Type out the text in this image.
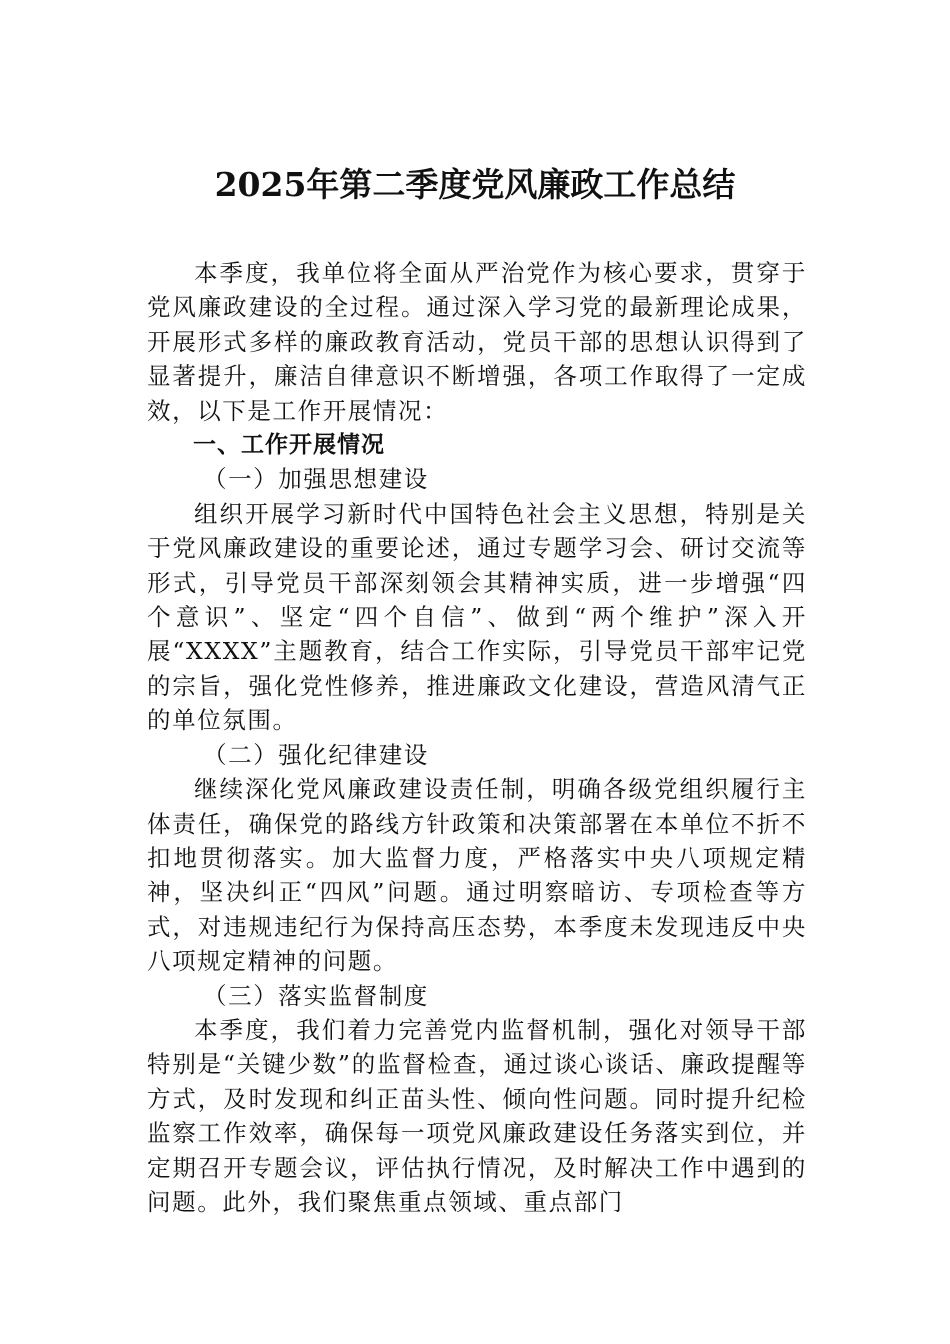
2025年第二季度党风廉政工作总结

本季度，我单位将全面从严治党作为核心要求，贯穿于党风廉政建设的全过程。通过深入学习党的最新理论成果，开展形式多样的廉政教育活动，党员干部的思想认识得到了显著提升，廉洁自律意识不断增强，各项工作取得了一定成效，以下是工作开展情况：

一、工作开展情况

（一）加强思想建设

组织开展学习新时代中国特色社会主义思想，特别是关于党风廉政建设的重要论述，通过专题学习会、研讨交流等形式，引导党员干部深刻领会其精神实质，进一步增强“四个意识”、坚定“四个自信”、做到“两个维护”深入开展“XXXX”主题教育，结合工作实际，引导党员干部牢记党的宗旨，强化党性修养，推进廉政文化建设，营造风清气正的单位氛围。

（二）强化纪律建设

继续深化党风廉政建设责任制，明确各级党组织履行主体责任，确保党的路线方针政策和决策部署在本单位不折不扣地贯彻落实。加大监督力度，严格落实中央八项规定精神，坚决纠正“四风”问题。通过明察暗访、专项检查等方式，对违规违纪行为保持高压态势，本季度未发现违反中央八项规定精神的问题。

（三）落实监督制度

本季度，我们着力完善党内监督机制，强化对领导干部特别是“关键少数”的监督检查，通过谈心谈话、廉政提醒等方式，及时发现和纠正苗头性、倾向性问题。同时提升纪检监察工作效率，确保每一项党风廉政建设任务落实到位，并定期召开专题会议，评估执行情况，及时解决工作中遇到的问题。此外，我们聚焦重点领域、重点部门
